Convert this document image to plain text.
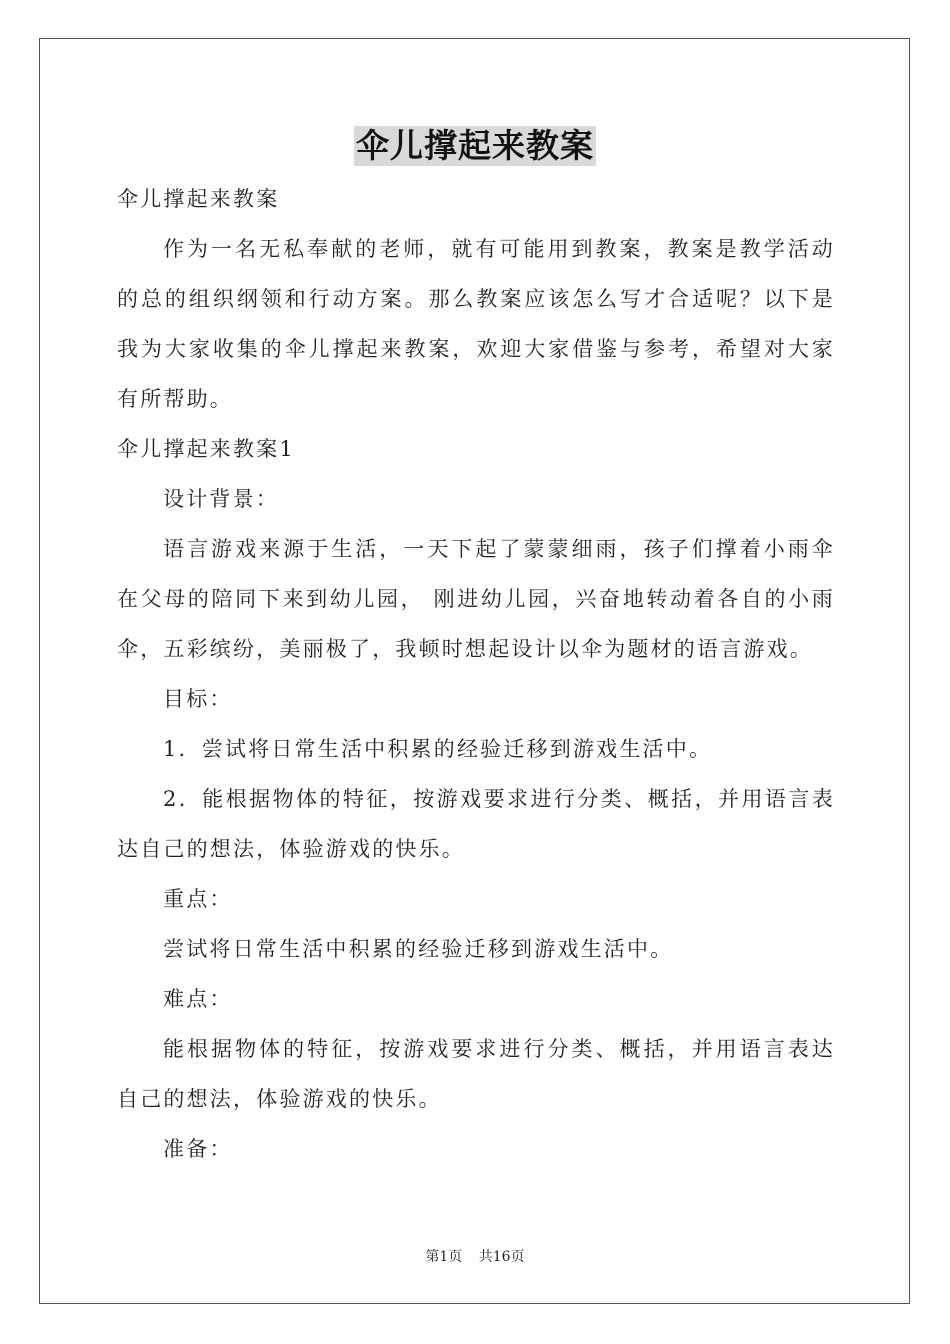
伞儿撑起来教案

伞儿撑起来教案

作为一名无私奉献的老师，就有可能用到教案，教案是教学活动的总的组织纲领和行动方案。那么教案应该怎么写才合适呢？以下是我为大家收集的伞儿撑起来教案，欢迎大家借鉴与参考，希望对大家有所帮助。

伞儿撑起来教案1

设计背景：

语言游戏来源于生活，一天下起了蒙蒙细雨，孩子们撑着小雨伞在父母的陪同下来到幼儿园， 刚进幼儿园，兴奋地转动着各自的小雨伞，五彩缤纷，美丽极了，我顿时想起设计以伞为题材的语言游戏。

目标：

1．尝试将日常生活中积累的经验迁移到游戏生活中。

2．能根据物体的特征，按游戏要求进行分类、概括，并用语言表达自己的想法，体验游戏的快乐。

重点：

尝试将日常生活中积累的经验迁移到游戏生活中。

难点：

能根据物体的特征，按游戏要求进行分类、概括，并用语言表达自己的想法，体验游戏的快乐。

准备：

第1页 共16页
